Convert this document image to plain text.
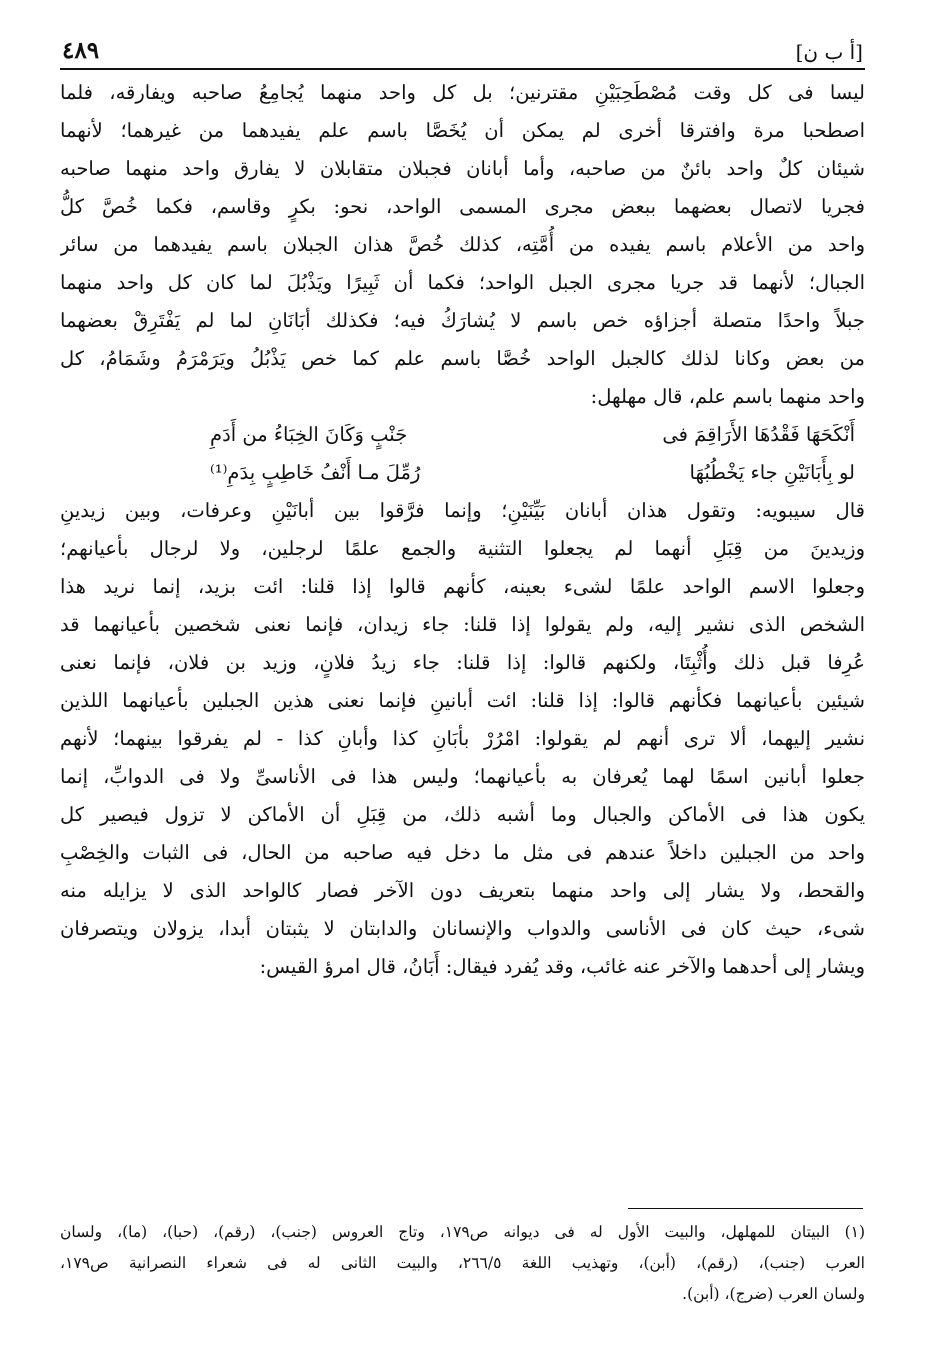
[أ ب ن]
٤٨٩
ليسا فى كل وقت مُصْطَحِبَيْنِ مقترنين؛ بل كل واحد منهما يُجامِعُ صاحبه ويفارقه، فلما
اصطحبا مرة وافترقا أخرى لم يمكن أن يُخَصَّا باسم علم يفيدهما من غيرهما؛ لأنهما
شيئان كلٌ واحد بائنٌ من صاحبه، وأما أبانان فجبلان متقابلان لا يفارق واحد منهما صاحبه
فجريا لاتصال بعضهما ببعض مجرى المسمى الواحد، نحو: بكرٍ وقاسم، فكما خُصَّ كلُّ
واحد من الأعلام باسم يفيده من أُمَّتِه، كذلك خُصَّ هذان الجبلان باسم يفيدهما من سائر
الجبال؛ لأنهما قد جريا مجرى الجبل الواحد؛ فكما أن ثَبِيرًا ويَذْبُلَ لما كان كل واحد منهما
جبلاً واحدًا متصلة أجزاؤه خص باسم لا يُشارَكُ فيه؛ فكذلك أبَانَانِ لما لم يَفْتَرِقْ بعضهما
من بعض وكانا لذلك كالجبل الواحد خُصَّا باسم علم كما خص يَذْبُلُ ويَرَمْرَمُ وشَمَامُ، كل
واحد منهما باسم علم، قال مهلهل:
أَنْكَحَهَا فَقْدُهَا الأَرَاقِمَ فى
جَنْبٍ وَكَانَ الخِبَاءُ من أَدَمِ
لو بِأَبَانَيْنِ جاء يَخْطُبُهَا
رُمِّلَ مـا أَنْفُ خَاطِبٍ بِدَمِ⁽¹⁾
قال سيبويه: وتقول هذان أبانان بَيِّنَيْنِ؛ وإنما فرَّقوا بين أبانَيْنِ وعرفات، وبين زيدينِ
وزيدينَ من قِبَلِ أنهما لم يجعلوا التثنية والجمع علمًا لرجلين، ولا لرجال بأعيانهم؛
وجعلوا الاسم الواحد علمًا لشىء بعينه، كأنهم قالوا إذا قلنا: ائت بزيد، إنما نريد هذا
الشخص الذى نشير إليه، ولم يقولوا إذا قلنا: جاء زيدان، فإنما نعنى شخصين بأعيانهما قد
عُرِفا قبل ذلك وأُثْبِتَا، ولكنهم قالوا: إذا قلنا: جاء زيدُ فلانٍ، وزيد بن فلان، فإنما نعنى
شيئين بأعيانهما فكأنهم قالوا: إذا قلنا: ائت أبانينِ فإنما نعنى هذين الجبلين بأعيانهما اللذين
نشير إليهما، ألا ترى أنهم لم يقولوا: امْرُرْ بأبَانِ كذا وأبانِ كذا - لم يفرقوا بينهما؛ لأنهم
جعلوا أبانين اسمًا لهما يُعرفان به بأعيانهما؛ وليس هذا فى الأناسىِّ ولا فى الدوابِّ، إنما
يكون هذا فى الأماكن والجبال وما أشبه ذلك، من قِبَلِ أن الأماكن لا تزول فيصير كل
واحد من الجبلين داخلاً عندهم فى مثل ما دخل فيه صاحبه من الحال، فى الثبات والخِصْبِ
والقحط، ولا يشار إلى واحد منهما بتعريف دون الآخر فصار كالواحد الذى لا يزايله منه
شىء، حيث كان فى الأناسى والدواب والإنسانان والدابتان لا يثبتان أبدا، يزولان ويتصرفان
ويشار إلى أحدهما والآخر عنه غائب، وقد يُفرد فيقال: أَبَانُ، قال امرؤ القيس:
(١) البيتان للمهلهل، والبيت الأول له فى ديوانه ص١٧٩، وتاج العروس (جنب)، (رقم)، (حبا)، (ما)، ولسان
العرب (جنب)، (رقم)، (أبن)، وتهذيب اللغة ٢٦٦/٥، والبيت الثانى له فى شعراء النصرانية ص١٧٩،
ولسان العرب (ضرج)، (أبن).
